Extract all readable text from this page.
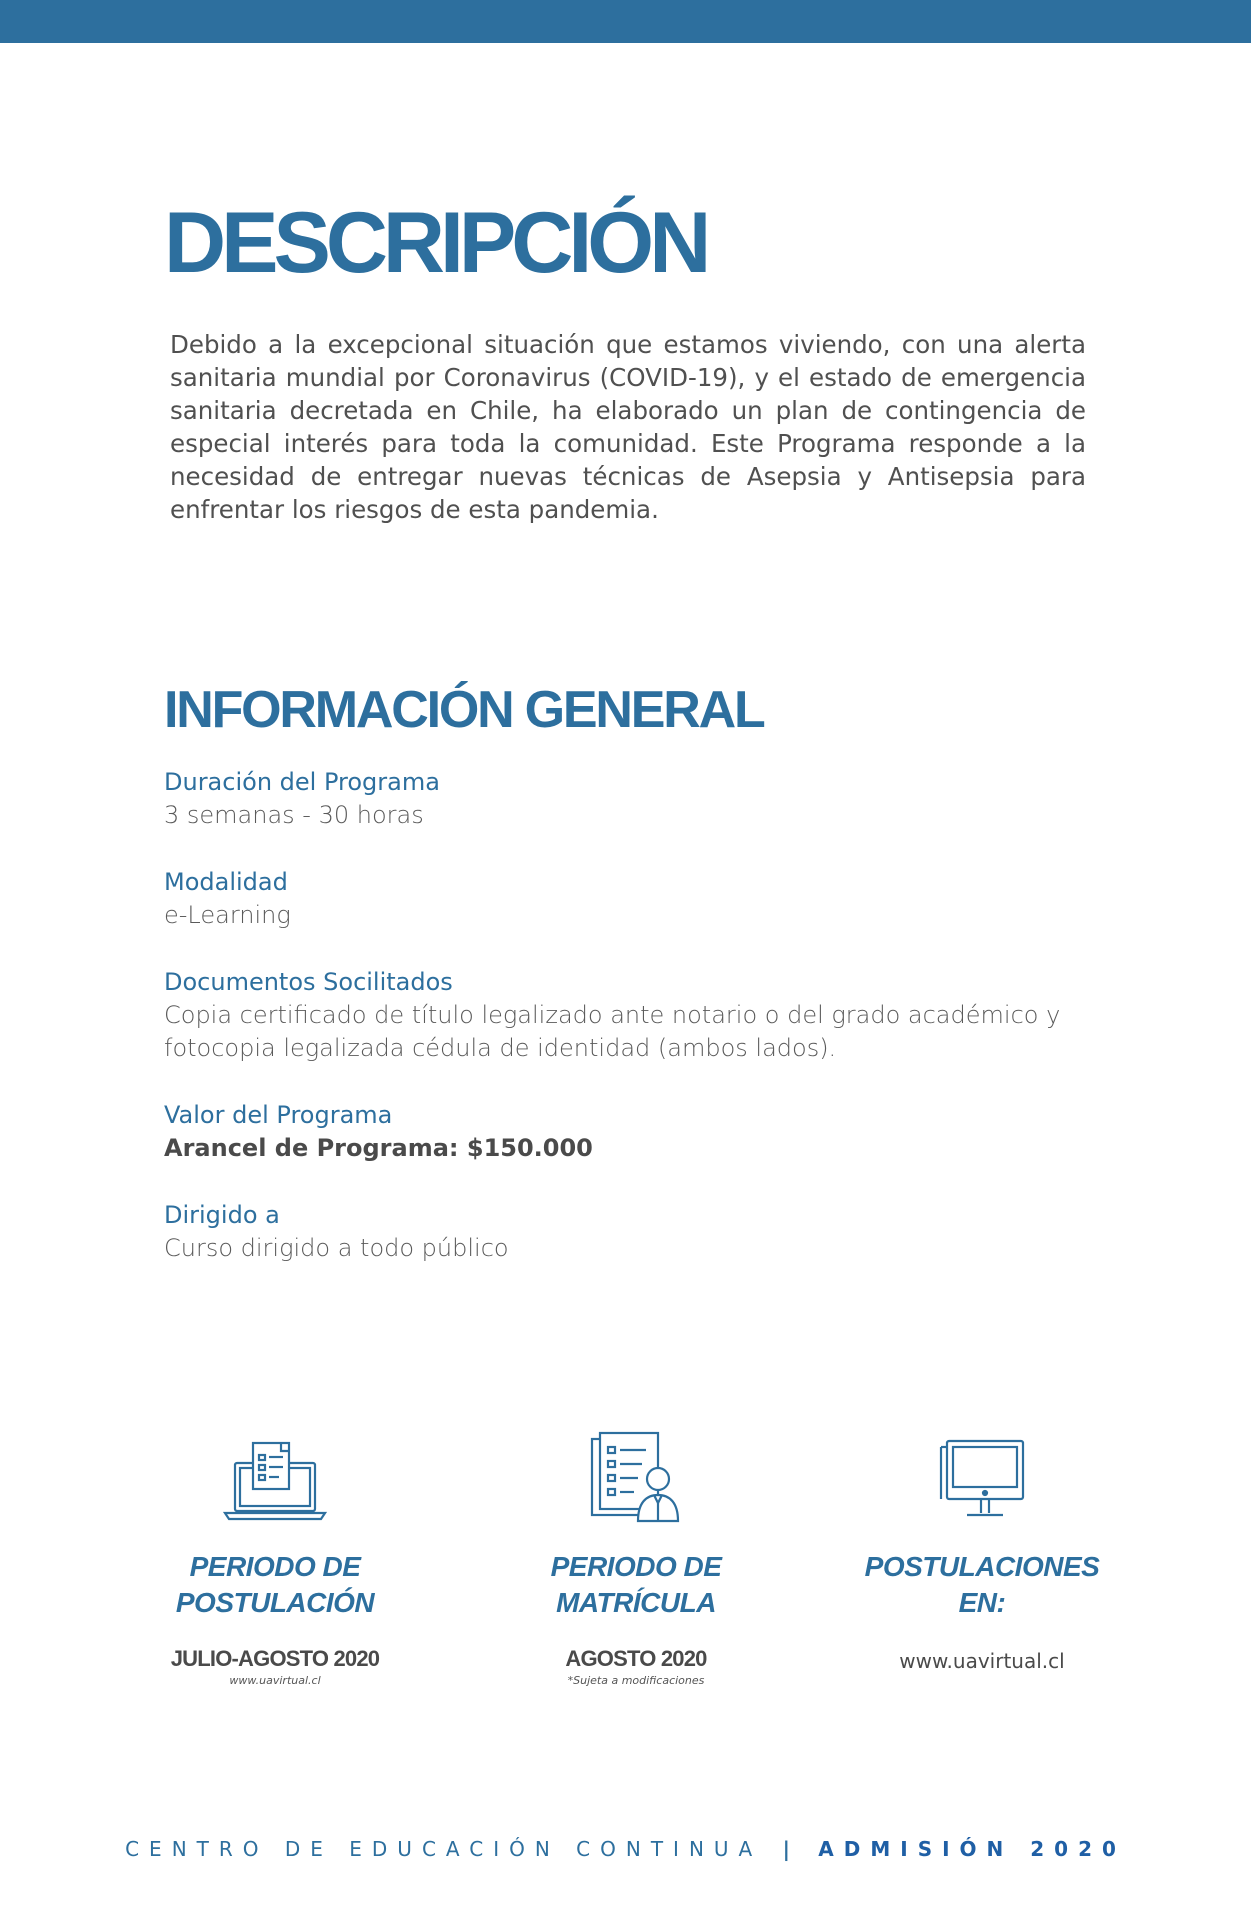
DESCRIPCIÓN

Debido a la excepcional situación que estamos viviendo, con una alerta sanitaria mundial por Coronavirus (COVID-19), y el estado de emergencia sanitaria decretada en Chile, ha elaborado un plan de contingencia de especial interés para toda la comunidad. Este Programa responde a la necesidad de entregar nuevas técnicas de Asepsia y Antisepsia para enfrentar los riesgos de esta pandemia.

INFORMACIÓN GENERAL
Duración del Programa
3 semanas - 30 horas
Modalidad
e-Learning
Documentos Socilitados
Copia certificado de título legalizado ante notario o del grado académico y fotocopia legalizada cédula de identidad (ambos lados).
Valor del Programa
Arancel de Programa: $150.000
Dirigido a
Curso dirigido a todo público
PERIODO DE
POSTULACIÓN
JULIO-AGOSTO 2020
www.uavirtual.cl
PERIODO DE
MATRÍCULA
AGOSTO 2020
*Sujeta a modificaciones
POSTULACIONES
EN:
www.uavirtual.cl
CENTRO DE EDUCACIÓN CONTINUA | ADMISIÓN 2020
